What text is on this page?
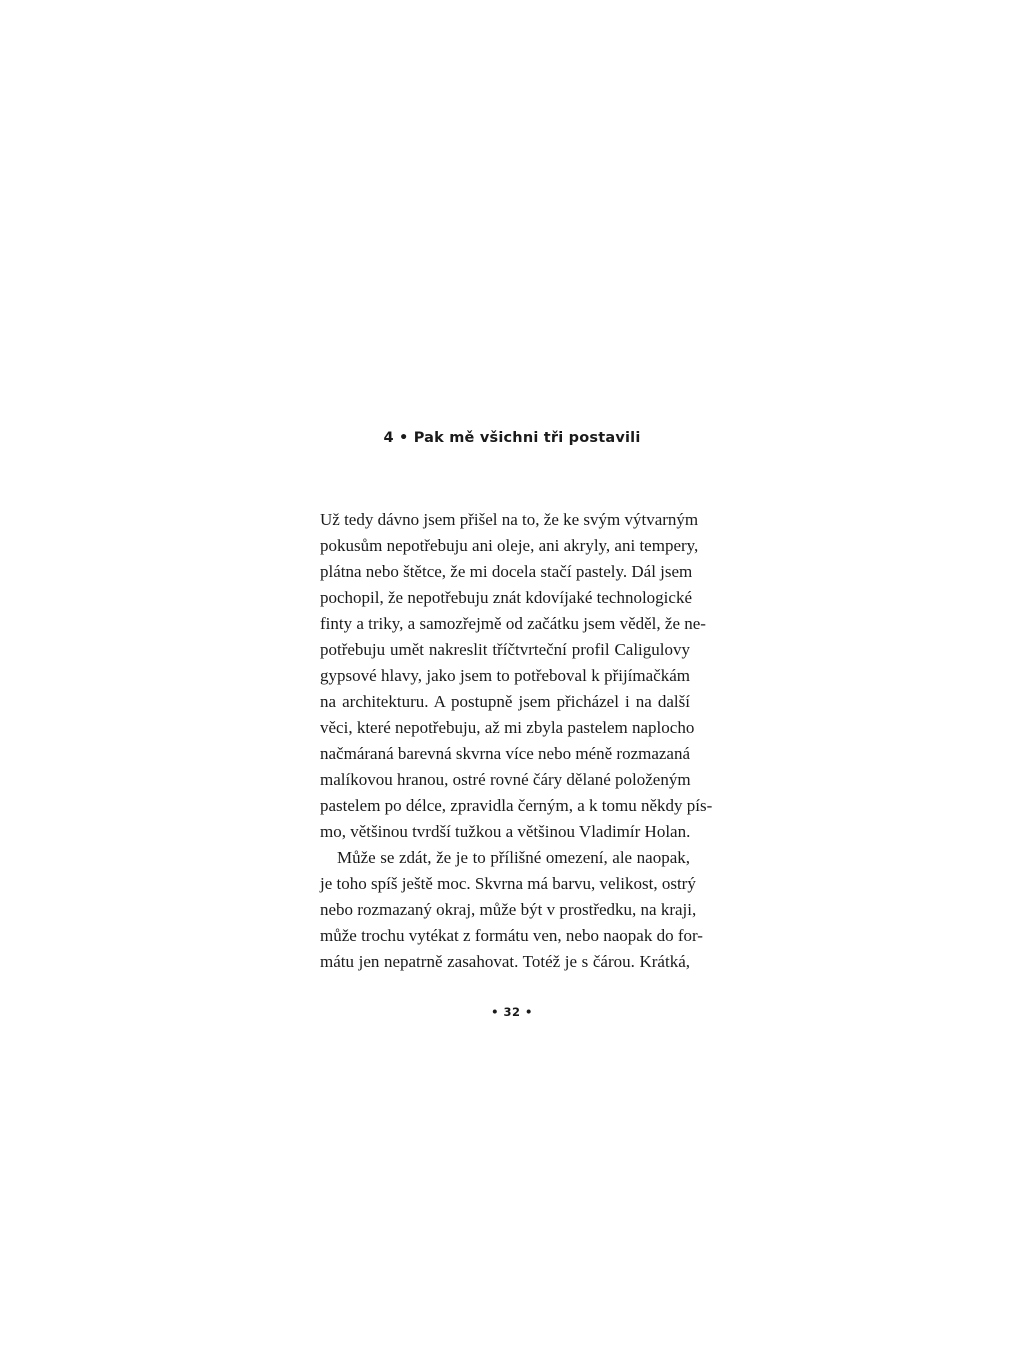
4 • Pak mě všichni tři postavili
Už tedy dávno jsem přišel na to, že ke svým výtvarným
pokusům nepotřebuju ani oleje, ani akryly, ani tempery,
plátna nebo štětce, že mi docela stačí pastely. Dál jsem
pochopil, že nepotřebuju znát kdovíjaké technologické
finty a triky, a samozřejmě od začátku jsem věděl, že ne-
potřebuju umět nakreslit tříčtvrteční profil Caligulovy
gypsové hlavy, jako jsem to potřeboval k přijímačkám
na architekturu. A postupně jsem přicházel i na další
věci, které nepotřebuju, až mi zbyla pastelem naplocho
načmáraná barevná skvrna více nebo méně rozmazaná
malíkovou hranou, ostré rovné čáry dělané položeným
pastelem po délce, zpravidla černým, a k tomu někdy pís-
mo, většinou tvrdší tužkou a většinou Vladimír Holan.
Může se zdát, že je to přílišné omezení, ale naopak,
je toho spíš ještě moc. Skvrna má barvu, velikost, ostrý
nebo rozmazaný okraj, může být v prostředku, na kraji,
může trochu vytékat z formátu ven, nebo naopak do for-
mátu jen nepatrně zasahovat. Totéž je s čárou. Krátká,
• 32 •
